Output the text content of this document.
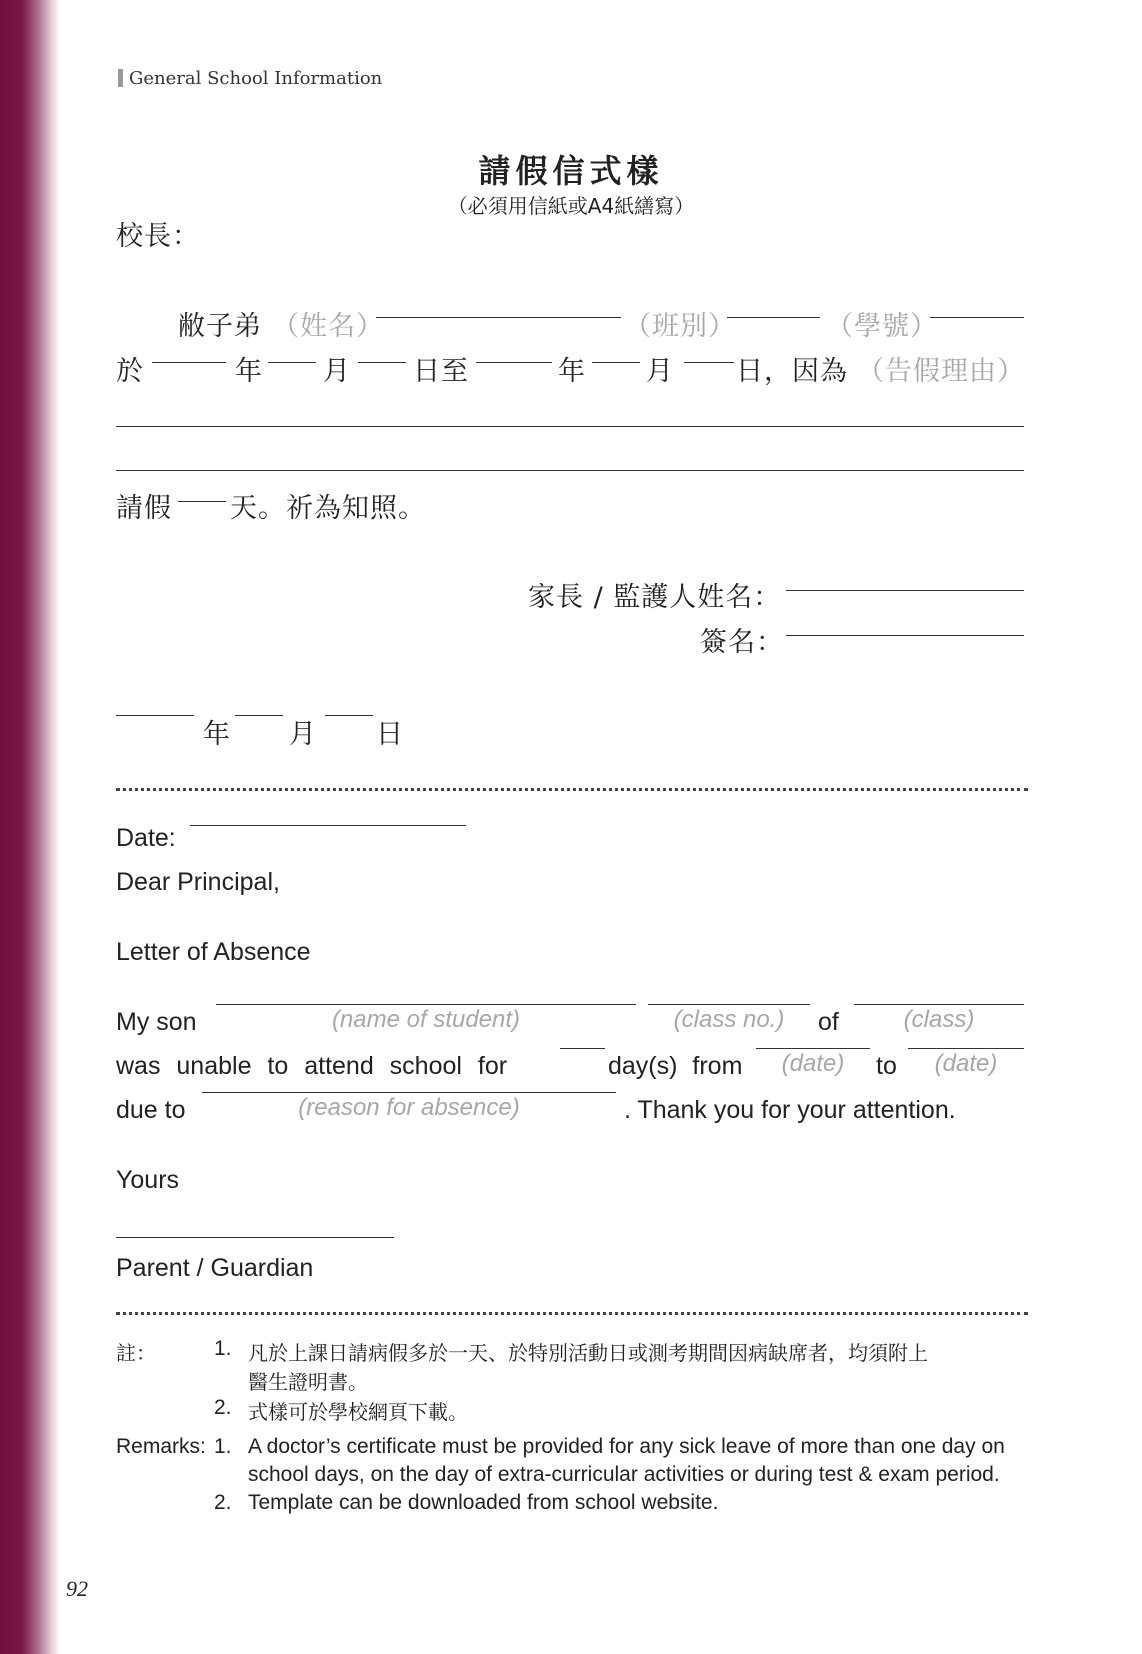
General School Information
請假信式樣
（必須用信紙或A4紙繕寫）
校長：
敝子弟 （姓名）	（班別）	（學號）
於	年 月 日至	年 月 日，因為 （告假理由）
請假 天。祈為知照。
家長 / 監護人姓名：
簽名：
年 月 日
Date:
Dear Principal,
Letter of Absence
My son	(name of student)	(class no.)	of	(class)
was unable to attend school for	day(s) from	(date)	to	(date)
due to	(reason for absence)	. Thank you for your attention.
Yours
Parent / Guardian
註：	1. 凡於上課日請病假多於一天、於特別活動日或測考期間因病缺席者，均須附上
醫生證明書。
2. 式樣可於學校網頁下載。
Remarks: 1. A doctor’s certificate must be provided for any sick leave of more than one day on
school days, on the day of extra-curricular activities or during test & exam period.
2. Template can be downloaded from school website.
92
